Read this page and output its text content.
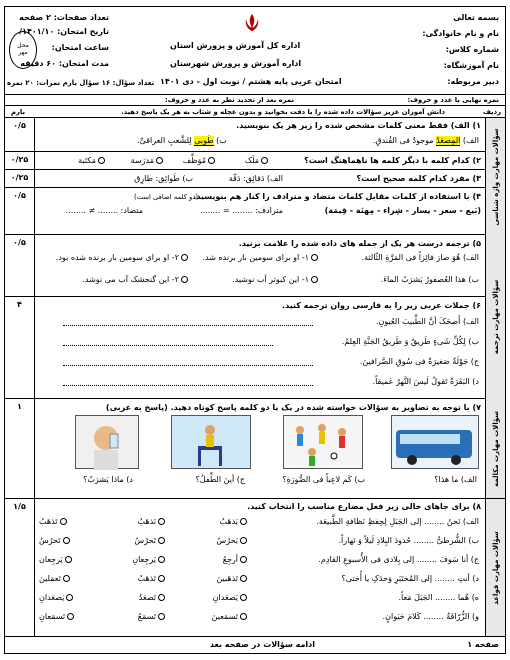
بسمه تعالی
نام و نام خانوادگی:
شماره کلاس:
نام آموزشگاه:
دبیر مربوطه:
اداره کل آموزش و پرورش استان
اداره آموزش و پرورش شهرستان
امتحان عربی پایه هشتم / نوبت اول - دی ۱۴۰۱
محل
مهر
تعداد صفحات: ۲ صفحه
تاریخ امتحان: ۱۴۰۱/۱۰/
ساعت امتحان:
مدت امتحان: ۶۰ دقیقه
تعداد سؤال: ۱۶ سؤال بارم نمرات: ۲۰ نمره
نمره نهایی با عدد و حروف:
نمره بعد از تجدید نظر به عدد و حروف:
ردیف
دانش آموزان عزیز سؤالات داده شده را با دقت بخوانید و بدون عجله و شتاب به هر یک پاسخ دهید.
بارم
۰/۵	۱) الف) فقط معنی کلمات مشخص شده را زیر هر یک بنویسید.
الف) المِصعَدُ موجودٌ فی الفُندقِ.
ب) طَوبی لِلشَّعبِ العراقیِّ.
۰/۲۵	۲) کدام کلمه با دیگر کلمه ها ناهماهنگ است؟
مَلَک
مُوَظَّف
مَدرَسة
مَکتَبة
۰/۲۵	۳) مفرد کدام کلمه صحیح است؟
الف) دَقائِق: دَقّة
ب) طَوائِق: طارِق
۰/۵	۴) با استفاده از کلمات مقابل کلمات متضاد و مترادف را کنار هم بنویسید.
(دو کلمه اضافی است)
(بَیع - سعر - یسار - شِراء - مِهنَة - قِیمَة)
مترادف: ........ = ........
متضاد: ........ ≠ ........	سؤالات مهارت واژه شناسی
۰/۵	۵) ترجمه درست هر یک از جمله های داده شده را علامت بزنید.
الف) هُوَ صارَ فائِزاً فی المَرَّةِ الثّالثة.
۱- او برای سومین بار برنده شد.
۲- او برای سومین بار برنده شده بود.
ب) هذا العُصفورُ یَشرَبُ الماءَ.
۱- این کبوتر آب نوشید.
۲- این گنجشک آب می نوشد.
۴	۶) جملات عربی زیر را به فارسی روان ترجمه کنید.
الف) أَصحَکَ أنَّ الطَّبیبَ العُیونِ.
ب) لِکُلِّ شَیءٍ طَریقٌ وَ طَریقُ الجَنَّةِ العِلمُ.
ج) جَوْلَةٌ صَغیرَةٌ فی سُوقِ الصَّرافینَ.
د) البَقَرَةُ تَقولُ لَیسَ النَّهرُ عَمیقاً.
سؤالات مهارت ترجمه
۱	۷) با توجه به تصاویر به سؤالات خواسته شده در یک یا دو کلمه پاسخ کوتاه دهید. (پاسخ به عربی)
الف) ما هذا؟
ب) کَم لاعِباً فی الصُّورَةِ؟
ج) أینَ الطِّفلُ؟
د) ماذا یَشرَبُ؟	سؤالات مهارت مکالمه
۱/۵	۸) برای جاهای خالی زیر فعل مضارع مناسب را انتخاب کنید.
الف) نَحنُ ........ إلی الجَبَلِ لِحِفظِ نَظافةِ الطَّبیعَة.
یَذهَبُ
نَذهَبُ
تَذهَبُ
ب) الشُّرطیُّ ........ حُدودَ البِلادِ لَیلاً وَ نَهاراً.
یَحرُسُ
تَحرُسُ
تَحرُسُ
ج) أنا سَوفَ ........ إلی بِلادی فی الأُسبوعِ القادِم.
أرجِعُ
یَرجِعانِ
یَرجِعان
د) أنتِ ........ إلی المُختَبَرِ وَحدَکِ یا أُختی؟
تَذهَبینَ
تَذهَبُ
تَعمَلینَ
ه) هُما ........ الجَبَلَ مَعاً.
یَصعَدانِ
تَصعَدُ
یَصعَدانِ
و) الزُّرّافَةُ ........ کَلامَ حَیَوانٍ.
تَسمَعینَ
تَسمَعُ
تَسمَعانِ
سؤالات مهارت قواعد
صفحه ۱
ادامه سؤالات در صفحه بعد
